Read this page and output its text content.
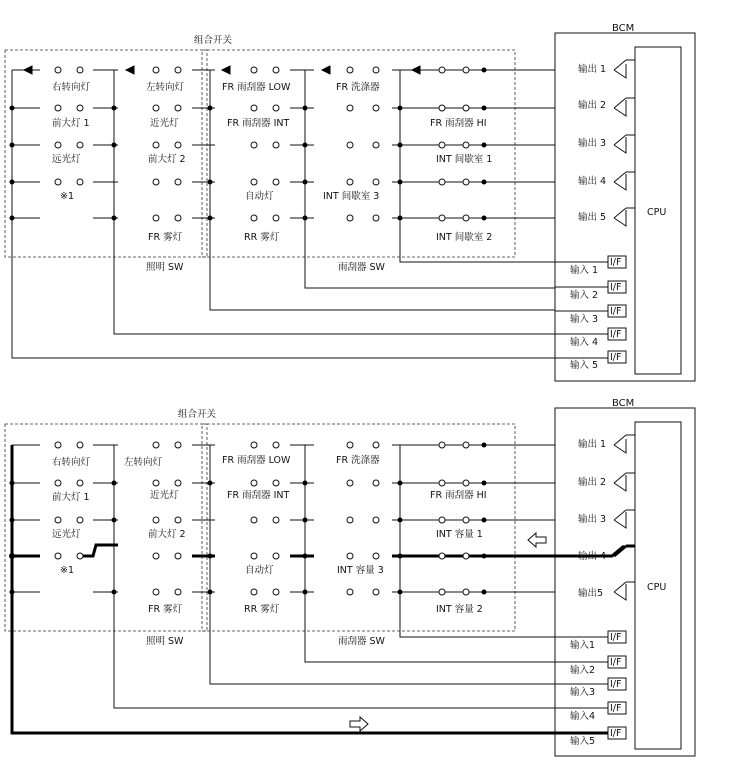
BCM
CPU
组合开关
照明 SW	雨刮器 SW
右转向灯	左转向灯	FR 雨刮器 LOW	FR 洗涤器
前大灯 1	近光灯	FR 雨刮器 INT	FR 雨刮器 HI
远光灯	前大灯 2	INT 间歇室 1
※1	自动灯	INT 间歇室 3
FR 雾灯	RR 雾灯	INT 间歇室 2
输出 1
输出 2
输出 3
输出 4
输出 5
I/F
I/F
I/F
I/F
I/F
输入 1
输入 2
输入 3
输入 4
输入 5
BCM
CPU
组合开关
照明 SW	雨刮器 SW
右转向灯	左转向灯	FR 雨刮器 LOW	FR 洗涤器
前大灯 1	近光灯	FR 雨刮器 INT	FR 雨刮器 HI
远光灯	前大灯 2	INT 容量 1
※1	自动灯	INT 容量 3
FR 雾灯	RR 雾灯	INT 容量 2
输出 1
输出 2
输出 3
输出 4
输出5
I/F
I/F
I/F
I/F
I/F
输入1
输入2
输入3
输入4
输入5
